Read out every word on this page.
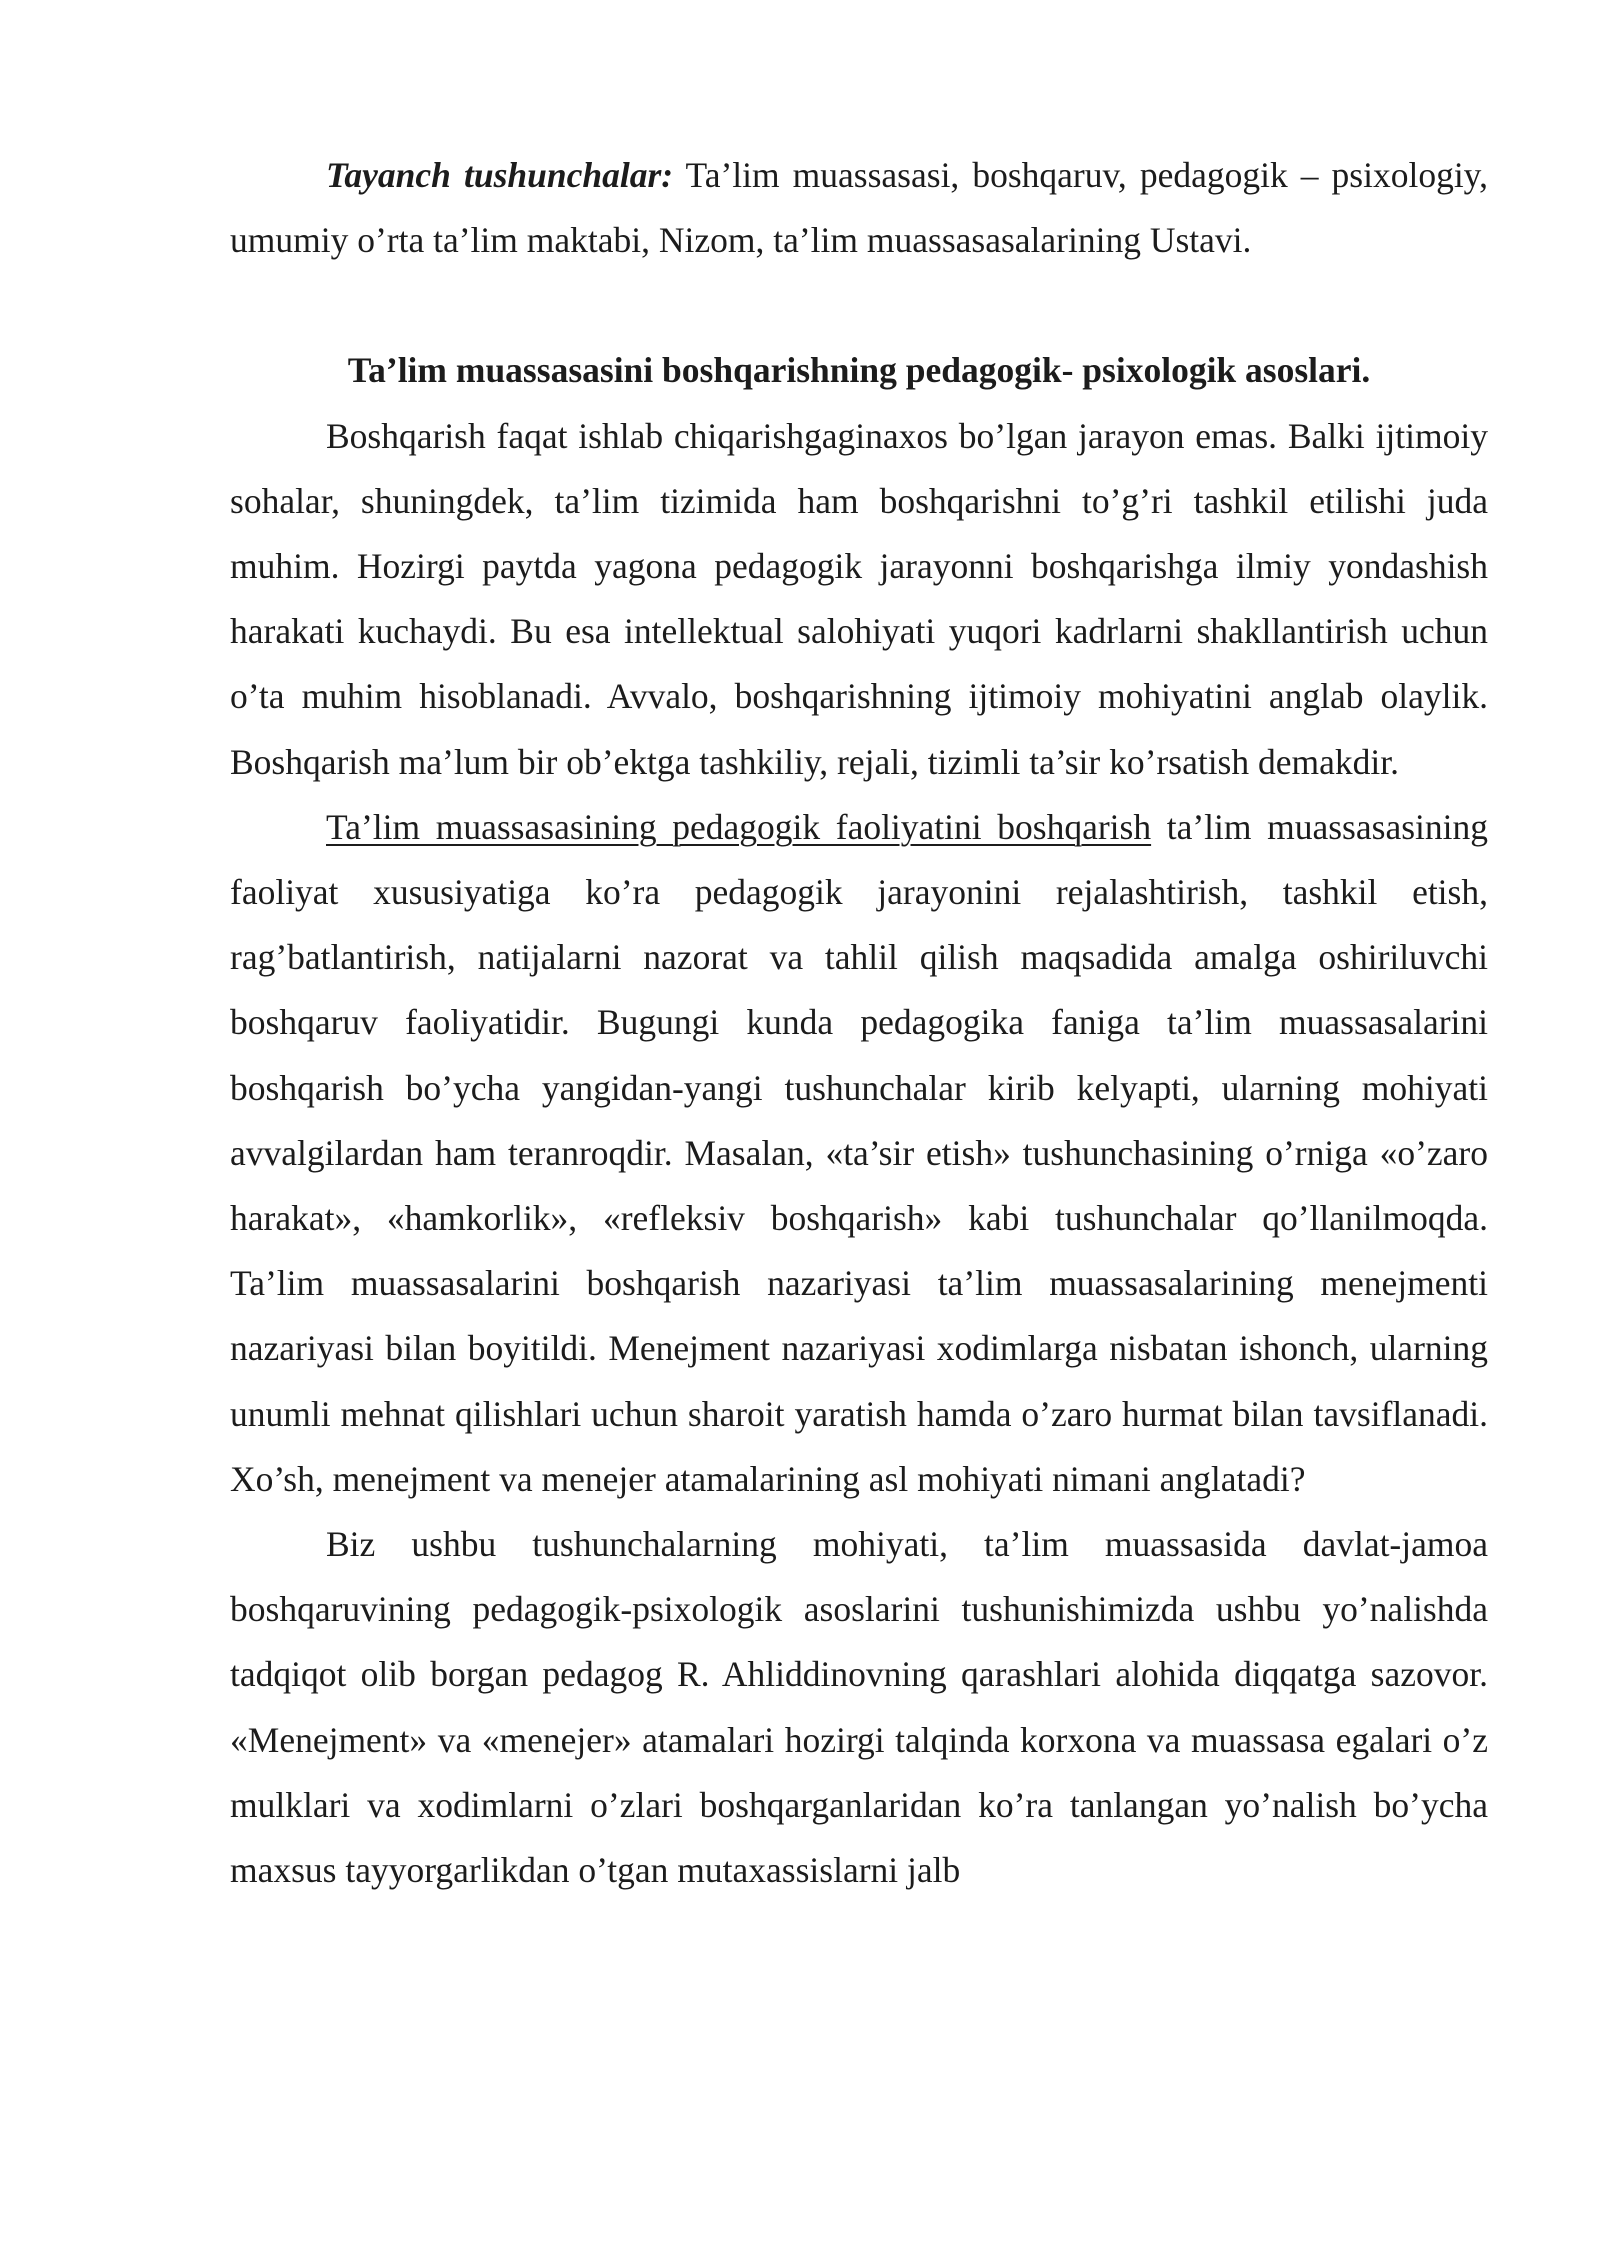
Tayanch tushunchalar: Ta’lim muassasasi, boshqaruv, pedagogik – psixologiy, umumiy o’rta ta’lim maktabi, Nizom, ta’lim muassasasalarining Ustavi.

Ta’lim muassasasini boshqarishning pedagogik- psixologik asoslari.

Boshqarish faqat ishlab chiqarishgaginaxos bo’lgan jarayon emas. Balki ijtimoiy sohalar, shuningdek, ta’lim tizimida ham boshqarishni to’g’ri tashkil etilishi juda muhim. Hozirgi paytda yagona pedagogik jarayonni boshqarishga ilmiy yondashish harakati kuchaydi. Bu esa intellektual salohiyati yuqori kadrlarni shakllantirish uchun o’ta muhim hisoblanadi. Avvalo, boshqarishning ijtimoiy mohiyatini anglab olaylik. Boshqarish ma’lum bir ob’ektga tashkiliy, rejali, tizimli ta’sir ko’rsatish demakdir.

Ta’lim muassasasining pedagogik faoliyatini boshqarish ta’lim muassasasining faoliyat xususiyatiga ko’ra pedagogik jarayonini rejalashtirish, tashkil etish, rag’batlantirish, natijalarni nazorat va tahlil qilish maqsadida amalga oshiriluvchi boshqaruv faoliyatidir. Bugungi kunda pedagogika faniga ta’lim muassasalarini boshqarish bo’ycha yangidan-yangi tushunchalar kirib kelyapti, ularning mohiyati avvalgilardan ham teranroqdir. Masalan, «ta’sir etish» tushunchasining o’rniga «o’zaro harakat», «hamkorlik», «refleksiv boshqarish» kabi tushunchalar qo’llanilmoqda. Ta’lim muassasalarini boshqarish nazariyasi ta’lim muassasalarining menejmenti nazariyasi bilan boyitildi. Menejment nazariyasi xodimlarga nisbatan ishonch, ularning unumli mehnat qilishlari uchun sharoit yaratish hamda o’zaro hurmat bilan tavsiflanadi. Xo’sh, menejment va menejer atamalarining asl mohiyati nimani anglatadi?

Biz ushbu tushunchalarning mohiyati, ta’lim muassasida davlat-jamoa boshqaruvining pedagogik-psixologik asoslarini tushunishimizda ushbu yo’nalishda tadqiqot olib borgan pedagog R. Ahliddinovning qarashlari alohida diqqatga sazovor. «Menejment» va «menejer» atamalari hozirgi talqinda korxona va muassasa egalari o’z mulklari va xodimlarni o’zlari boshqarganlaridan ko’ra tanlangan yo’nalish bo’ycha maxsus tayyorgarlikdan o’tgan mutaxassislarni jalb
